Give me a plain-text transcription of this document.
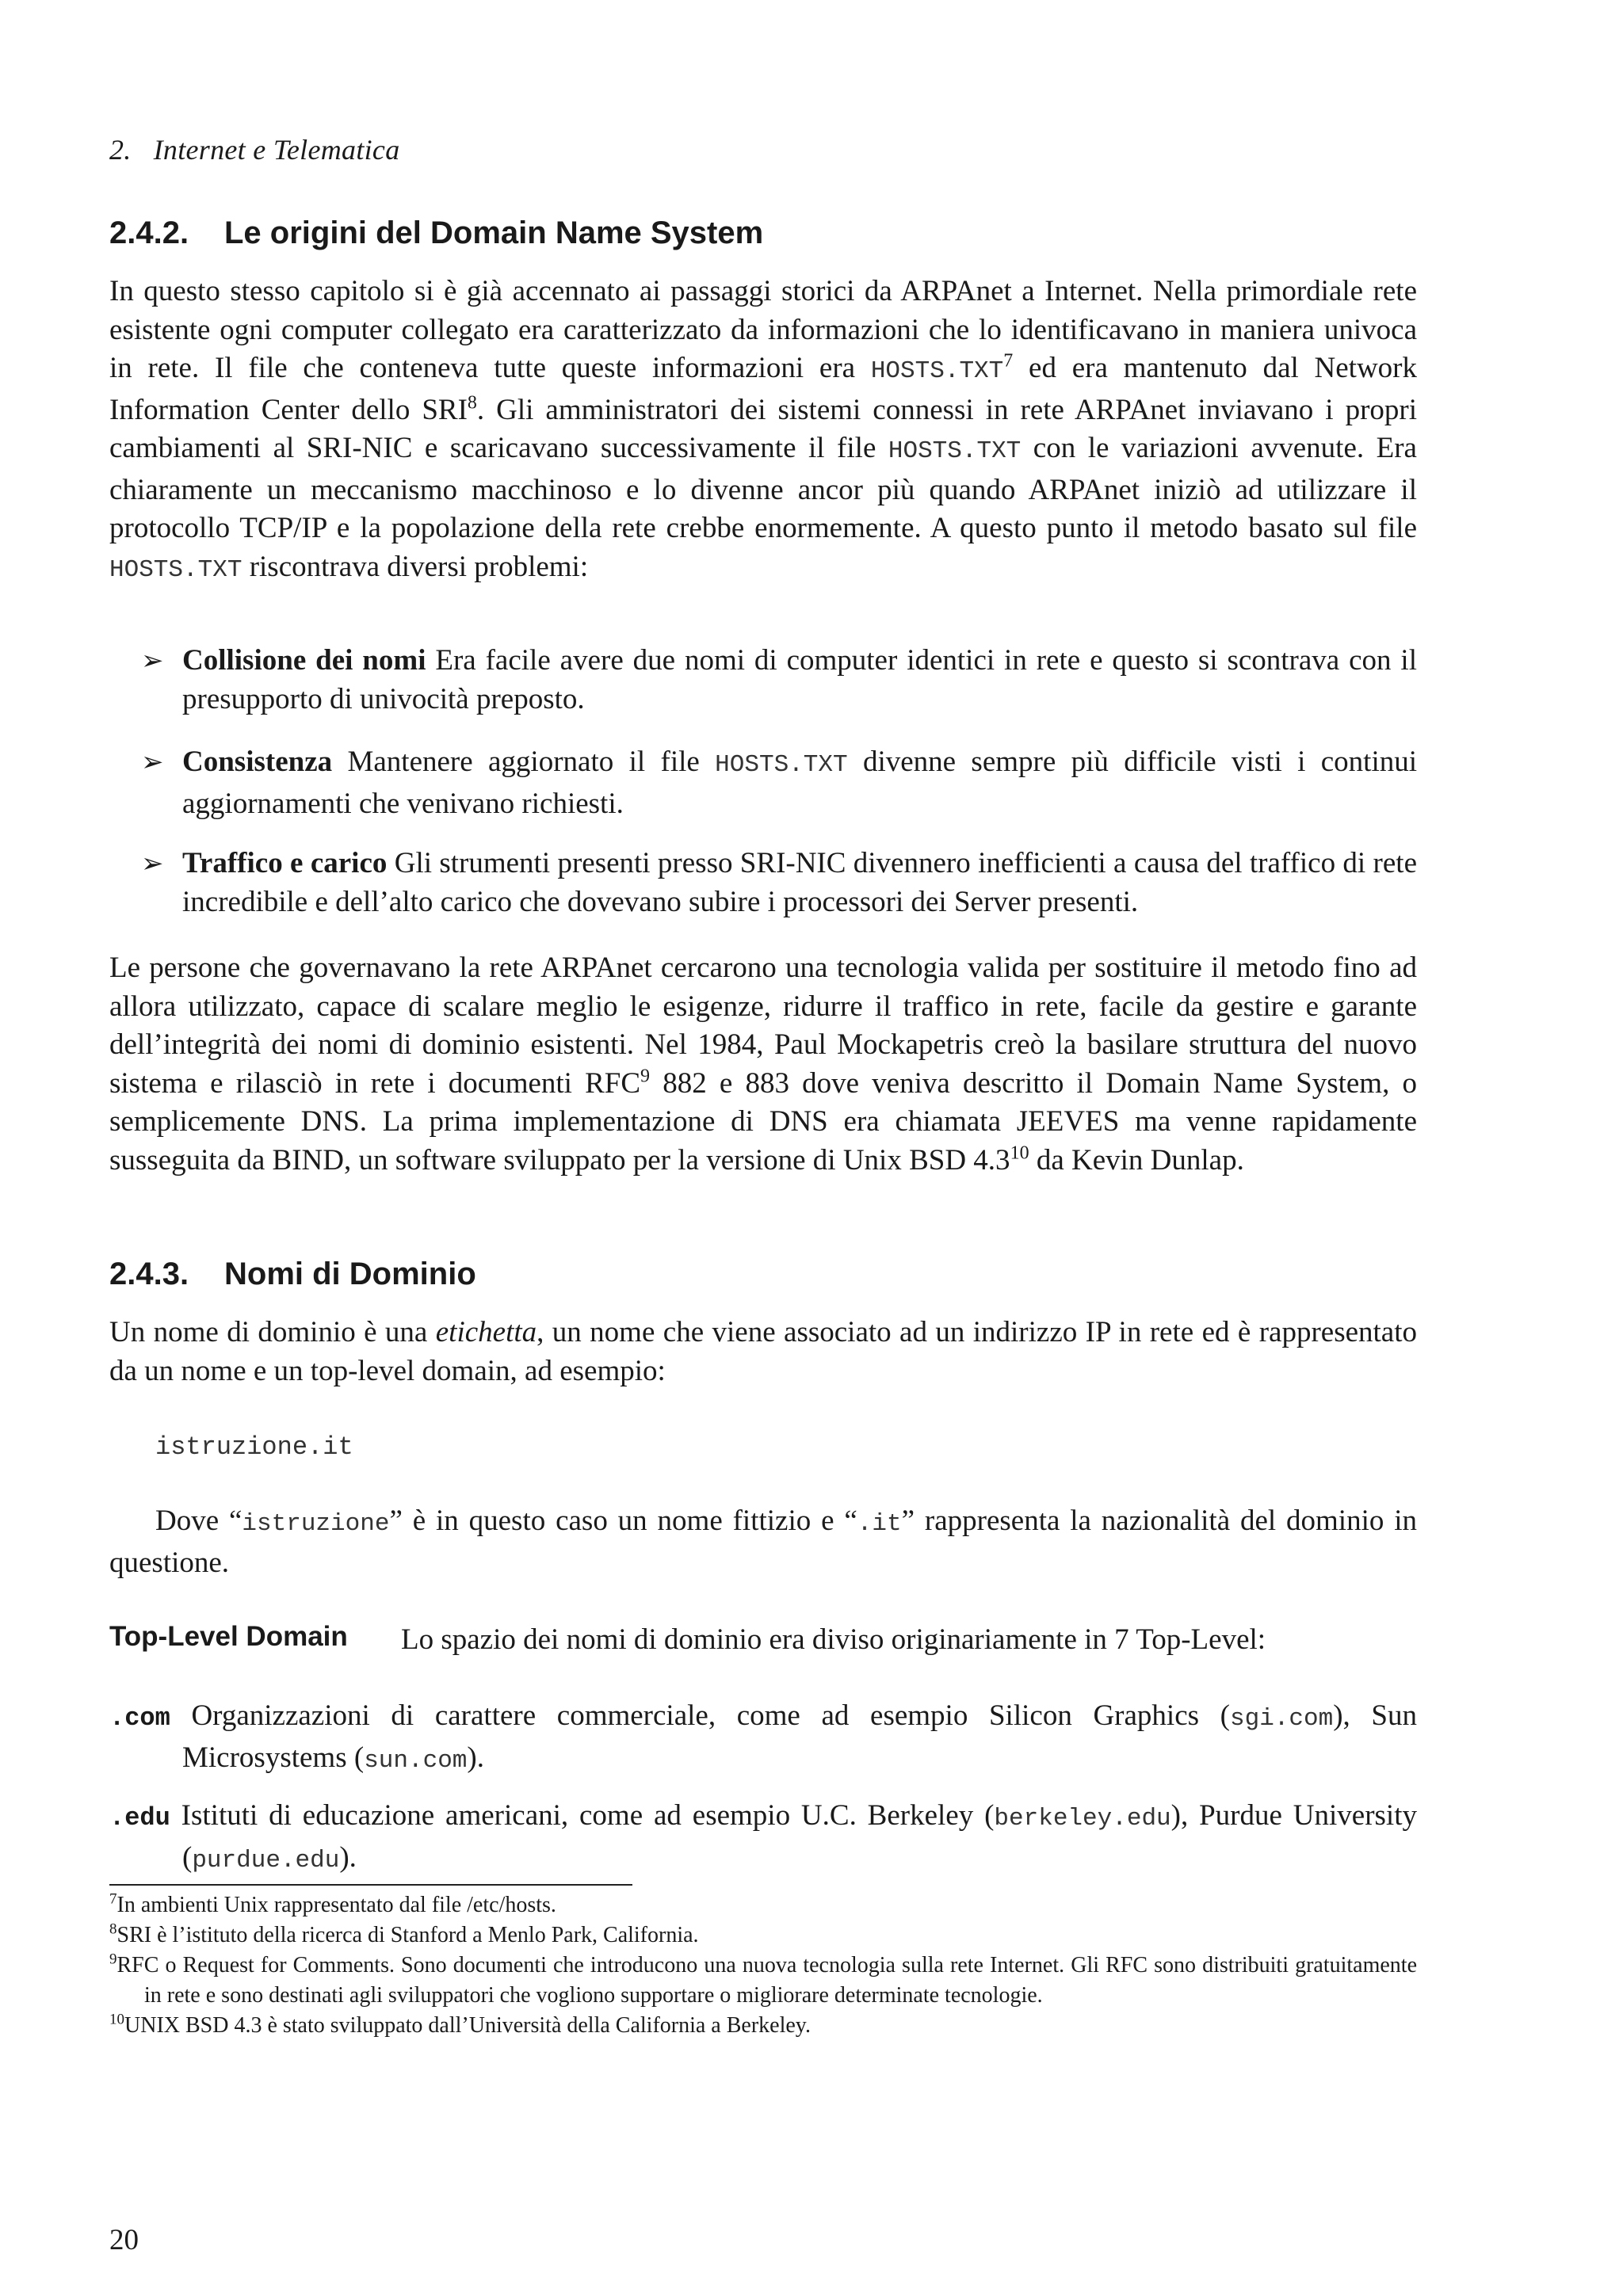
2. Internet e Telematica
2.4.2. Le origini del Domain Name System

In questo stesso capitolo si è già accennato ai passaggi storici da ARPAnet a Internet. Nella primordiale rete esistente ogni computer collegato era caratterizzato da informazioni che lo identificavano in maniera univoca in rete. Il file che conteneva tutte queste informazioni era HOSTS.TXT$^7$ ed era mantenuto dal Network Information Center dello SRI$^8$. Gli amministratori dei sistemi connessi in rete ARPAnet inviavano i propri cambiamenti al SRI-NIC e scaricavano successivamente il file HOSTS.TXT con le variazioni avvenute. Era chiaramente un meccanismo macchinoso e lo divenne ancor più quando ARPAnet iniziò ad utilizzare il protocollo TCP/IP e la popolazione della rete crebbe enormemente. A questo punto il metodo basato sul file HOSTS.TXT riscontrava diversi problemi:

➢ Collisione dei nomi Era facile avere due nomi di computer identici in rete e questo si scontrava con il presupporto di univocità preposto.
➢ Consistenza Mantenere aggiornato il file HOSTS.TXT divenne sempre più difficile visti i continui aggiornamenti che venivano richiesti.
➢ Traffico e carico Gli strumenti presenti presso SRI-NIC divennero inefficienti a causa del traffico di rete incredibile e dell’alto carico che dovevano subire i processori dei Server presenti.

Le persone che governavano la rete ARPAnet cercarono una tecnologia valida per sostituire il metodo fino ad allora utilizzato, capace di scalare meglio le esigenze, ridurre il traffico in rete, facile da gestire e garante dell’integrità dei nomi di dominio esistenti. Nel 1984, Paul Mockapetris creò la basilare struttura del nuovo sistema e rilasciò in rete i documenti RFC$^9$ 882 e 883 dove veniva descritto il Domain Name System, o semplicemente DNS. La prima implementazione di DNS era chiamata JEEVES ma venne rapidamente susseguita da BIND, un software sviluppato per la versione di Unix BSD $4.3^{10}$ da Kevin Dunlap.

2.4.3. Nomi di Dominio

Un nome di dominio è una etichetta, un nome che viene associato ad un indirizzo IP in rete ed è rappresentato da un nome e un top-level domain, ad esempio:

istruzione.it

Dove “istruzione” è in questo caso un nome fittizio e “.it” rappresenta la nazionalità del dominio in questione.

Top-Level Domain Lo spazio dei nomi di dominio era diviso originariamente in 7 Top-Level:

.com Organizzazioni di carattere commerciale, come ad esempio Silicon Graphics (sgi.com), Sun Microsystems (sun.com).
.edu Istituti di educazione americani, come ad esempio U.C. Berkeley (berkeley.edu), Purdue University (purdue.edu).
$^7$In ambienti Unix rappresentato dal file /etc/hosts.
$^8$SRI è l’istituto della ricerca di Stanford a Menlo Park, California.
$^9$RFC o Request for Comments. Sono documenti che introducono una nuova tecnologia sulla rete Internet. Gli RFC sono distribuiti gratuitamente in rete e sono destinati agli sviluppatori che vogliono supportare o migliorare determinate tecnologie.
$^{10}$UNIX BSD 4.3 è stato sviluppato dall’Università della California a Berkeley.
20
